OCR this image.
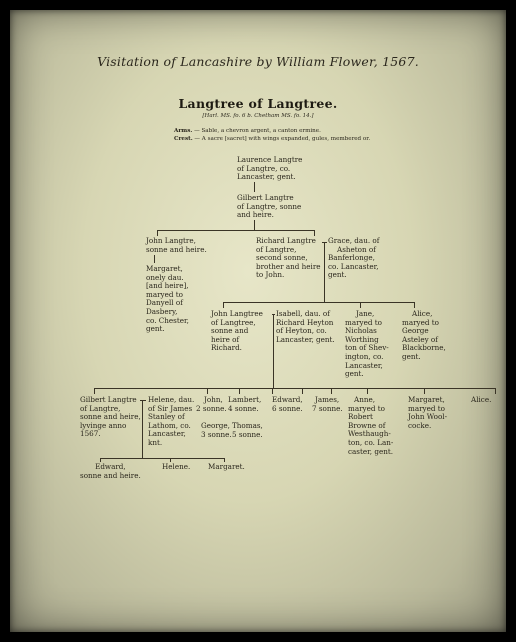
Visitation of Lancashire by William Flower, 1567.
Langtree of Langtree.
[Harl. MS. fo. 6 b. Chetham MS. fo. 14.]
Arms. — Sable, a chevron argent, a canton ermine.
Crest. — A sacre [sacret] with wings expanded, gules, membered or.
Laurence Langtre
of Langtre, co.
Lancaster, gent.
Gilbert Langtre
of Langtre, sonne
and heire.
John Langtre,
sonne and heire.
Margaret,
onely dau.
[and heire],
maryed to
Danyell of
Dasbery,
co. Chester,
gent.
Richard Langtre
of Langtre,
second sonne,
brother and heire
to John.
Grace, dau. of
Asheton of
Banferlonge,
co. Lancaster,
gent.
John Langtree
of Langtree,
sonne and
heire of
Richard.
Isabell, dau. of
Richard Heyton
of Heyton, co.
Lancaster, gent.
Jane,
maryed to
Nicholas
Worthing
ton of Shev-
ington, co.
Lancaster,
gent.
Alice,
maryed to
George
Asteley of
Blackborne,
gent.
Gilbert Langtre
of Langtre,
sonne and heire,
lyvinge anno
1567.
Helene, dau.
of Sir James
Stanley of
Lathom, co.
Lancaster,
knt.
John,
2 sonne.
George,
3 sonne.
Lambert,
4 sonne.
Thomas,
5 sonne.
Edward,
6 sonne.
James,
7 sonne.
Anne,
maryed to
Robert
Browne of
Westhaugh-
ton, co. Lan-
caster, gent.
Margaret,
maryed to
John Wool-
cocke.
Alice.
Edward,
sonne and heire.
Helene. Margaret.
